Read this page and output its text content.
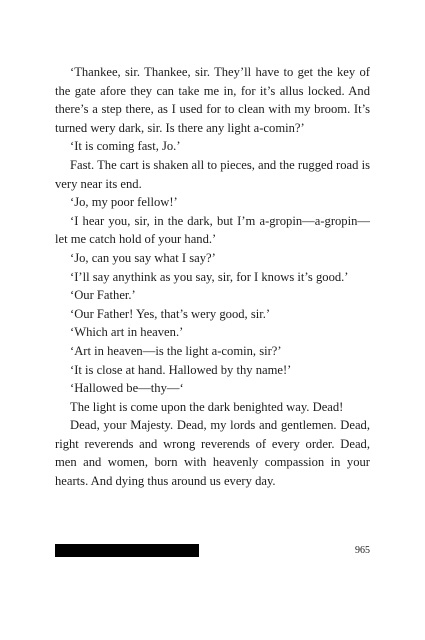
‘Thankee, sir. Thankee, sir. They’ll have to get the key of the gate afore they can take me in, for it’s allus locked. And there’s a step there, as I used for to clean with my broom. It’s turned wery dark, sir. Is there any light a-comin?’

‘It is coming fast, Jo.’

Fast. The cart is shaken all to pieces, and the rugged road is very near its end.

‘Jo, my poor fellow!’

‘I hear you, sir, in the dark, but I’m a-gropin—a-gropin—let me catch hold of your hand.’

‘Jo, can you say what I say?’

‘I’ll say anythink as you say, sir, for I knows it’s good.’

‘Our Father.’

‘Our Father! Yes, that’s wery good, sir.’

‘Which art in heaven.’

‘Art in heaven—is the light a-comin, sir?’

‘It is close at hand. Hallowed by thy name!’

‘Hallowed be—thy—‘

The light is come upon the dark benighted way. Dead!

Dead, your Majesty. Dead, my lords and gentlemen. Dead, right reverends and wrong reverends of every order. Dead, men and women, born with heavenly compassion in your hearts. And dying thus around us every day.

965
